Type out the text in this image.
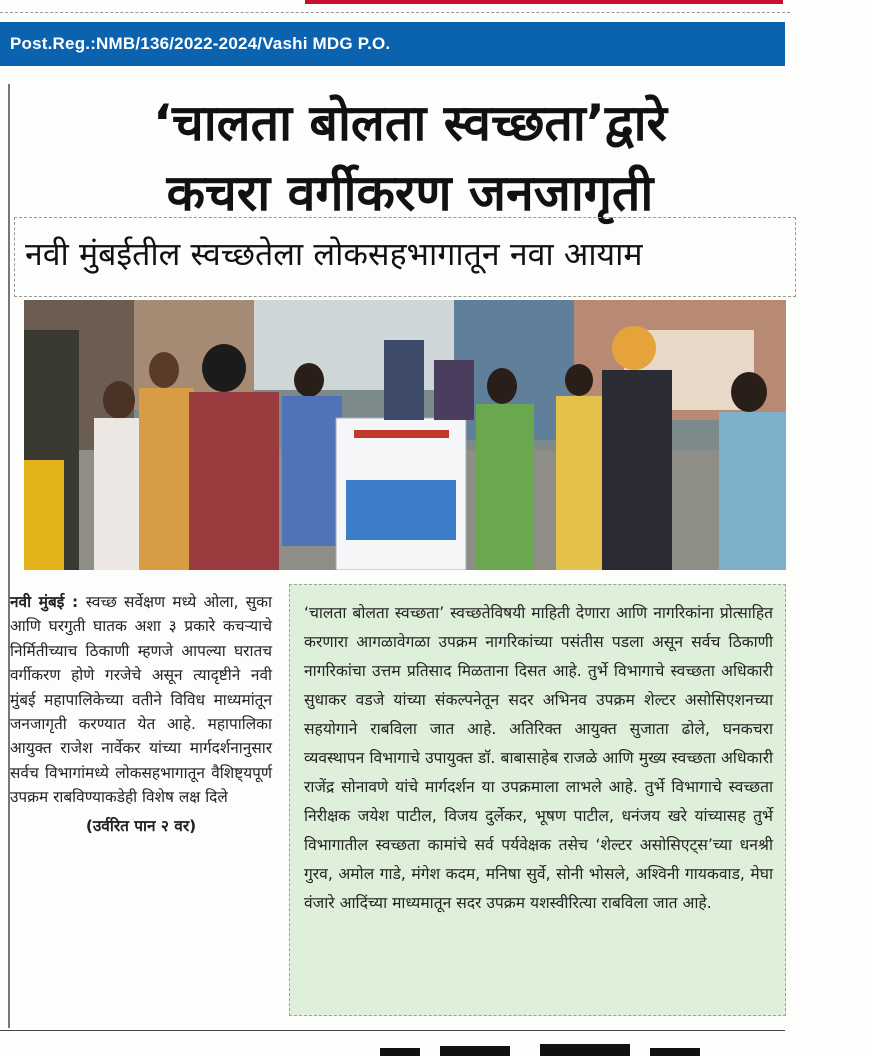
Post.Reg.:NMB/136/2022-2024/Vashi MDG P.O.
‘चालता बोलता स्वच्छता’द्वारे
कचरा वर्गीकरण जनजागृती
नवी मुंबईतील स्वच्छतेला लोकसहभागातून नवा आयाम
नवी मुंबई : स्वच्छ सर्वेक्षण मध्ये ओला, सुका आणि घरगुती घातक अशा ३ प्रकारे कचऱ्याचे निर्मितीच्याच ठिकाणी म्हणजे आपल्या घरातच वर्गीकरण होणे गरजेचे असून त्यादृष्टीने नवी मुंबई महापालिकेच्या वतीने विविध माध्यमांतून जनजागृती करण्यात येत आहे. महापालिका आयुक्त राजेश नार्वेकर यांच्या मार्गदर्शनानुसार सर्वच विभागांमध्ये लोकसहभागातून वैशिष्ट्यपूर्ण उपक्रम राबविण्याकडेही विशेष लक्ष दिले
(उर्वरित पान २ वर)
‘चालता बोलता स्वच्छता’ स्वच्छतेविषयी माहिती देणारा आणि नागरिकांना प्रोत्साहित करणारा आगळावेगळा उपक्रम नागरिकांच्या पसंतीस पडला असून सर्वच ठिकाणी नागरिकांचा उत्तम प्रतिसाद मिळताना दिसत आहे. तुर्भे विभागाचे स्वच्छता अधिकारी सुधाकर वडजे यांच्या संकल्पनेतून सदर अभिनव उपक्रम शेल्टर असोसिएशनच्या सहयोगाने राबविला जात आहे. अतिरिक्त आयुक्त सुजाता ढोले, घनकचरा व्यवस्थापन विभागाचे उपायुक्त डॉ. बाबासाहेब राजळे आणि मुख्य स्वच्छता अधिकारी राजेंद्र सोनावणे यांचे मार्गदर्शन या उपक्रमाला लाभले आहे. तुर्भे विभागाचे स्वच्छता निरीक्षक जयेश पाटील, विजय दुर्लेकर, भूषण पाटील, धनंजय खरे यांच्यासह तुर्भे विभागातील स्वच्छता कामांचे सर्व पर्यवेक्षक तसेच ‘शेल्टर असोसिएट्स’च्या धनश्री गुरव, अमोल गाडे, मंगेश कदम, मनिषा सुर्वे, सोनी भोसले, अश्विनी गायकवाड, मेघा वंजारे आदिंच्या माध्यमातून सदर उपक्रम यशस्वीरित्या राबविला जात आहे.
